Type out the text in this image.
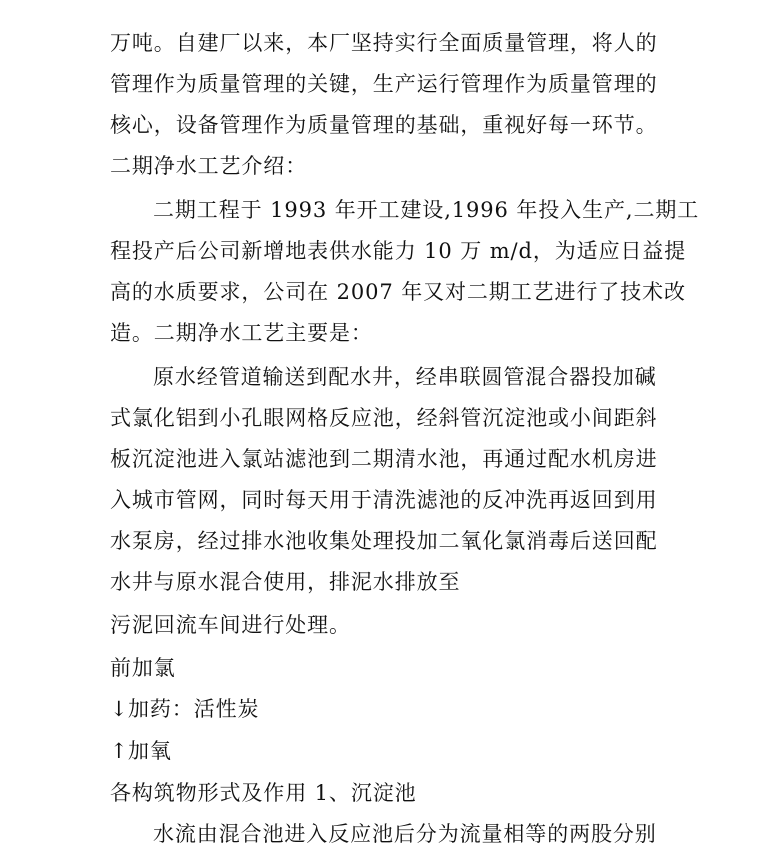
万吨。自建厂以来，本厂坚持实行全面质量管理，将人的
管理作为质量管理的关键，生产运行管理作为质量管理的
核心，设备管理作为质量管理的基础，重视好每一环节。
二期净水工艺介绍：
二期工程于 1993 年开工建设,1996 年投入生产,二期工
程投产后公司新增地表供水能力 10 万 m/d，为适应日益提
高的水质要求，公司在 2007 年又对二期工艺进行了技术改
造。二期净水工艺主要是：
原水经管道输送到配水井，经串联圆管混合器投加碱
式氯化铝到小孔眼网格反应池，经斜管沉淀池或小间距斜
板沉淀池进入氯站滤池到二期清水池，再通过配水机房进
入城市管网，同时每天用于清洗滤池的反冲洗再返回到用
水泵房，经过排水池收集处理投加二氧化氯消毒后送回配
水井与原水混合使用，排泥水排放至
污泥回流车间进行处理。
前加氯
↓加药：活性炭
↑加氧
各构筑物形式及作用 1、沉淀池
水流由混合池进入反应池后分为流量相等的两股分别
